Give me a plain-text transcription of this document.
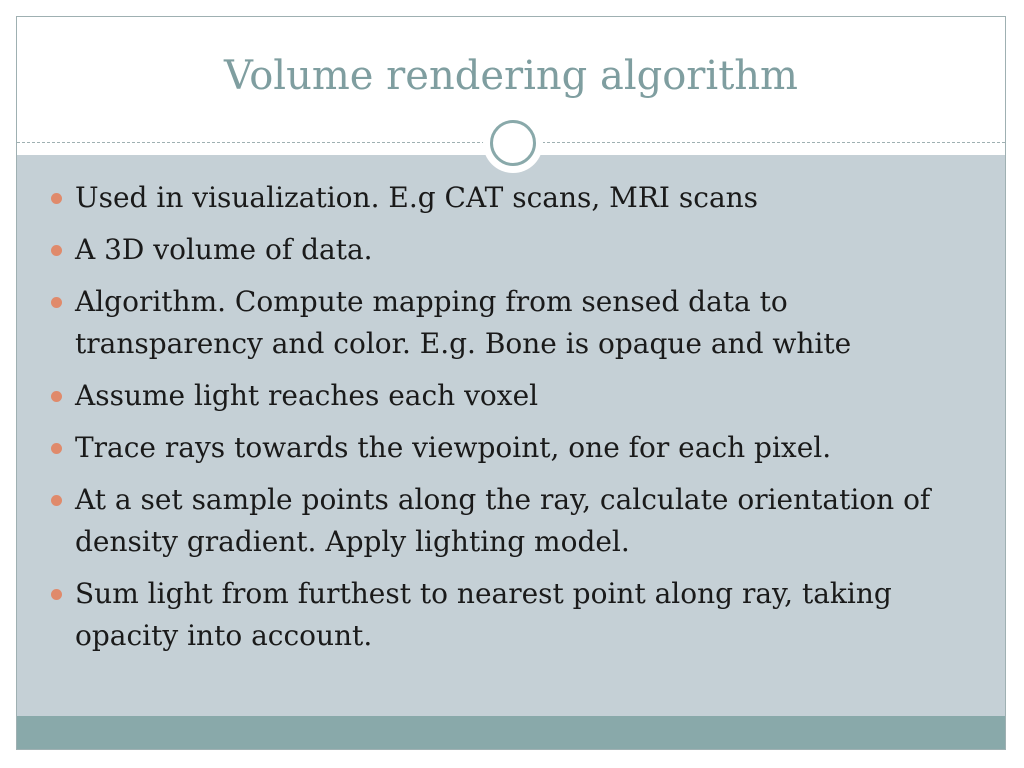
Volume rendering algorithm
Used in visualization. E.g CAT scans, MRI scans
A 3D volume of data.
Algorithm. Compute mapping from sensed data to transparency and color. E.g. Bone is opaque and white
Assume light reaches each voxel
Trace rays towards the viewpoint, one for each pixel.
At a set sample points along the ray, calculate orientation of density gradient. Apply lighting model.
Sum light from furthest to nearest point along ray, taking opacity into account.
